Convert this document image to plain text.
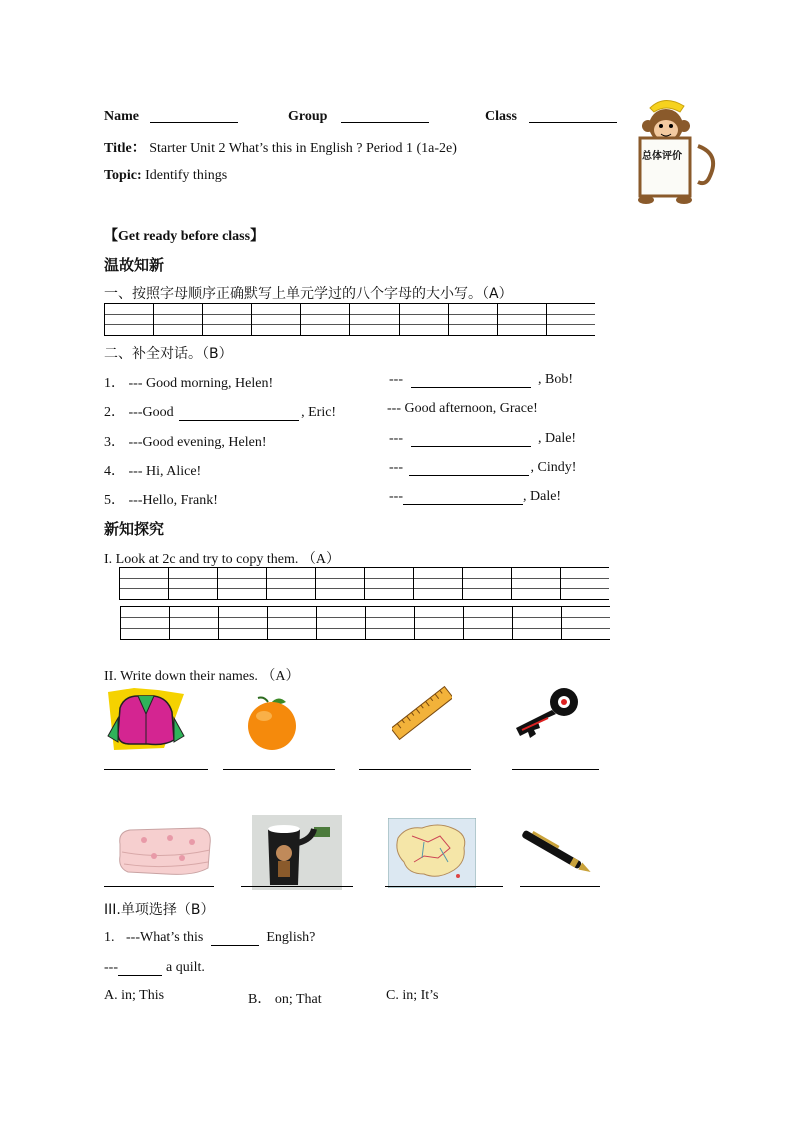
Name	Group	Class
Title： Starter Unit 2 What’s this in English ? Period 1 (1a-2e)
Topic: Identify things
总体评价
【Get ready before class】
温故知新
一、按照字母顺序正确默写上单元学过的八个字母的大小写。（A）
二、补全对话。（B）
1． --- Good morning, Helen!	---	, Bob!
2． ---Good	, Eric!	--- Good afternoon, Grace!
3． ---Good evening, Helen!	---	, Dale!
4． --- Hi, Alice!	---	, Cindy!
5． ---Hello, Frank!	---	, Dale!
新知探究
I. Look at 2c and try to copy them. （A）
II. Write down their names. （A）
III.单项选择（B）
1. ---What’s this	English?
---	a quilt.
A. in; This	B． on; That	C. in; It’s
